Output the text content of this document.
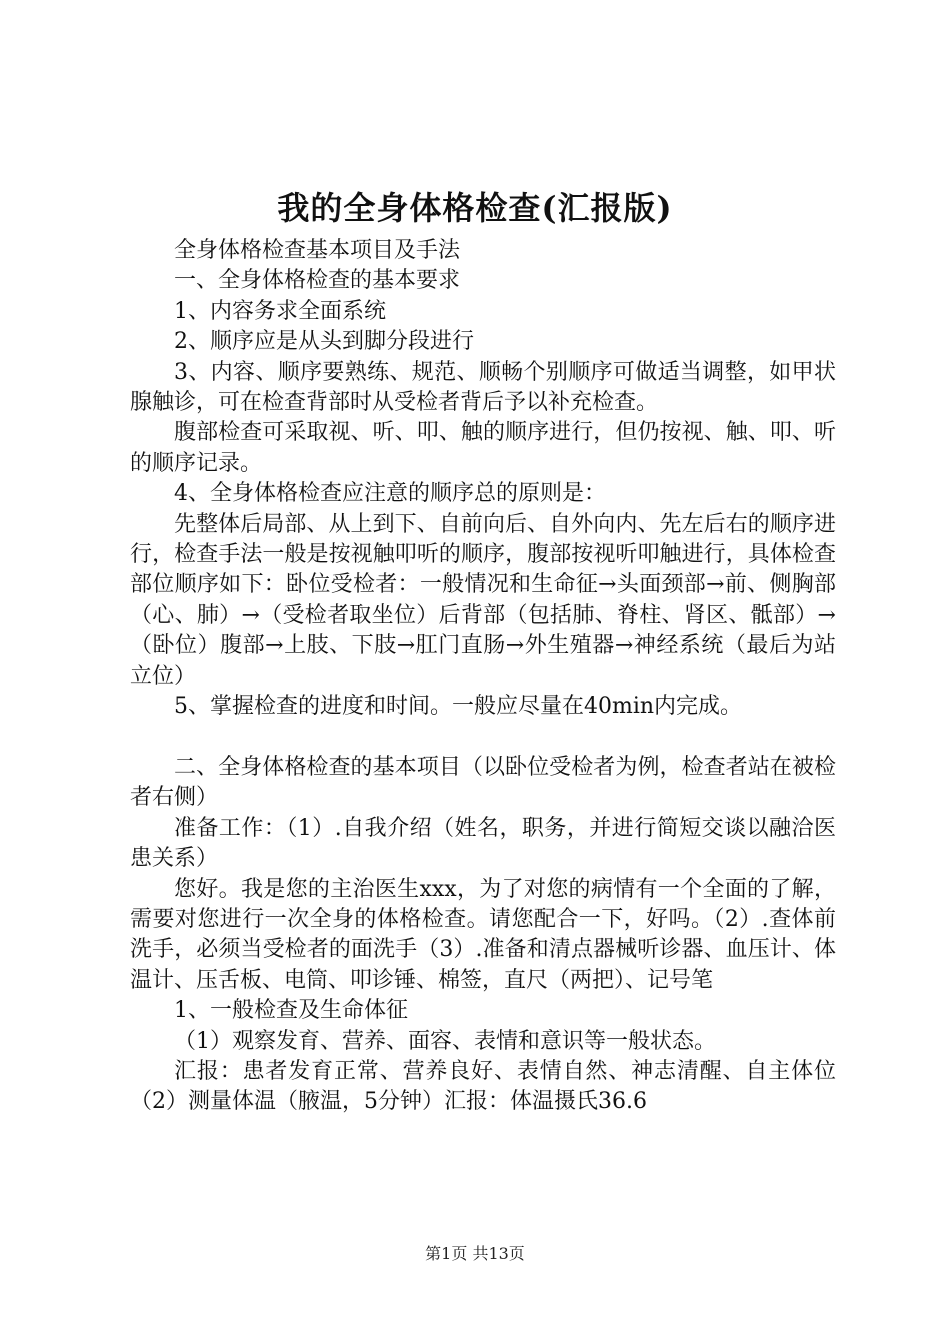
我的全身体格检查(汇报版)

全身体格检查基本项目及手法

一、全身体格检查的基本要求

1、内容务求全面系统

2、顺序应是从头到脚分段进行

3、内容、顺序要熟练、规范、顺畅个别顺序可做适当调整，如甲状腺触诊，可在检查背部时从受检者背后予以补充检查。

腹部检查可采取视、听、叩、触的顺序进行，但仍按视、触、叩、听的顺序记录。

4、全身体格检查应注意的顺序总的原则是：

先整体后局部、从上到下、自前向后、自外向内、先左后右的顺序进行，检查手法一般是按视触叩听的顺序，腹部按视听叩触进行，具体检查部位顺序如下：卧位受检者：一般情况和生命征→头面颈部→前、侧胸部（心、肺）→（受检者取坐位）后背部（包括肺、脊柱、肾区、骶部）→（卧位）腹部→上肢、下肢→肛门直肠→外生殖器→神经系统（最后为站立位）

5、掌握检查的进度和时间。一般应尽量在40min内完成。

二、全身体格检查的基本项目（以卧位受检者为例，检查者站在被检者右侧）

准备工作：（1）.自我介绍（姓名，职务，并进行简短交谈以融洽医患关系）

您好。我是您的主治医生xxx，为了对您的病情有一个全面的了解，需要对您进行一次全身的体格检查。请您配合一下，好吗。（2）.查体前洗手，必须当受检者的面洗手（3）.准备和清点器械听诊器、血压计、体温计、压舌板、电筒、叩诊锤、棉签，直尺（两把）、记号笔

1、一般检查及生命体征

（1）观察发育、营养、面容、表情和意识等一般状态。

汇报：患者发育正常、营养良好、表情自然、神志清醒、自主体位（2）测量体温（腋温，5分钟）汇报：体温摄氏36.6

第1页 共13页
